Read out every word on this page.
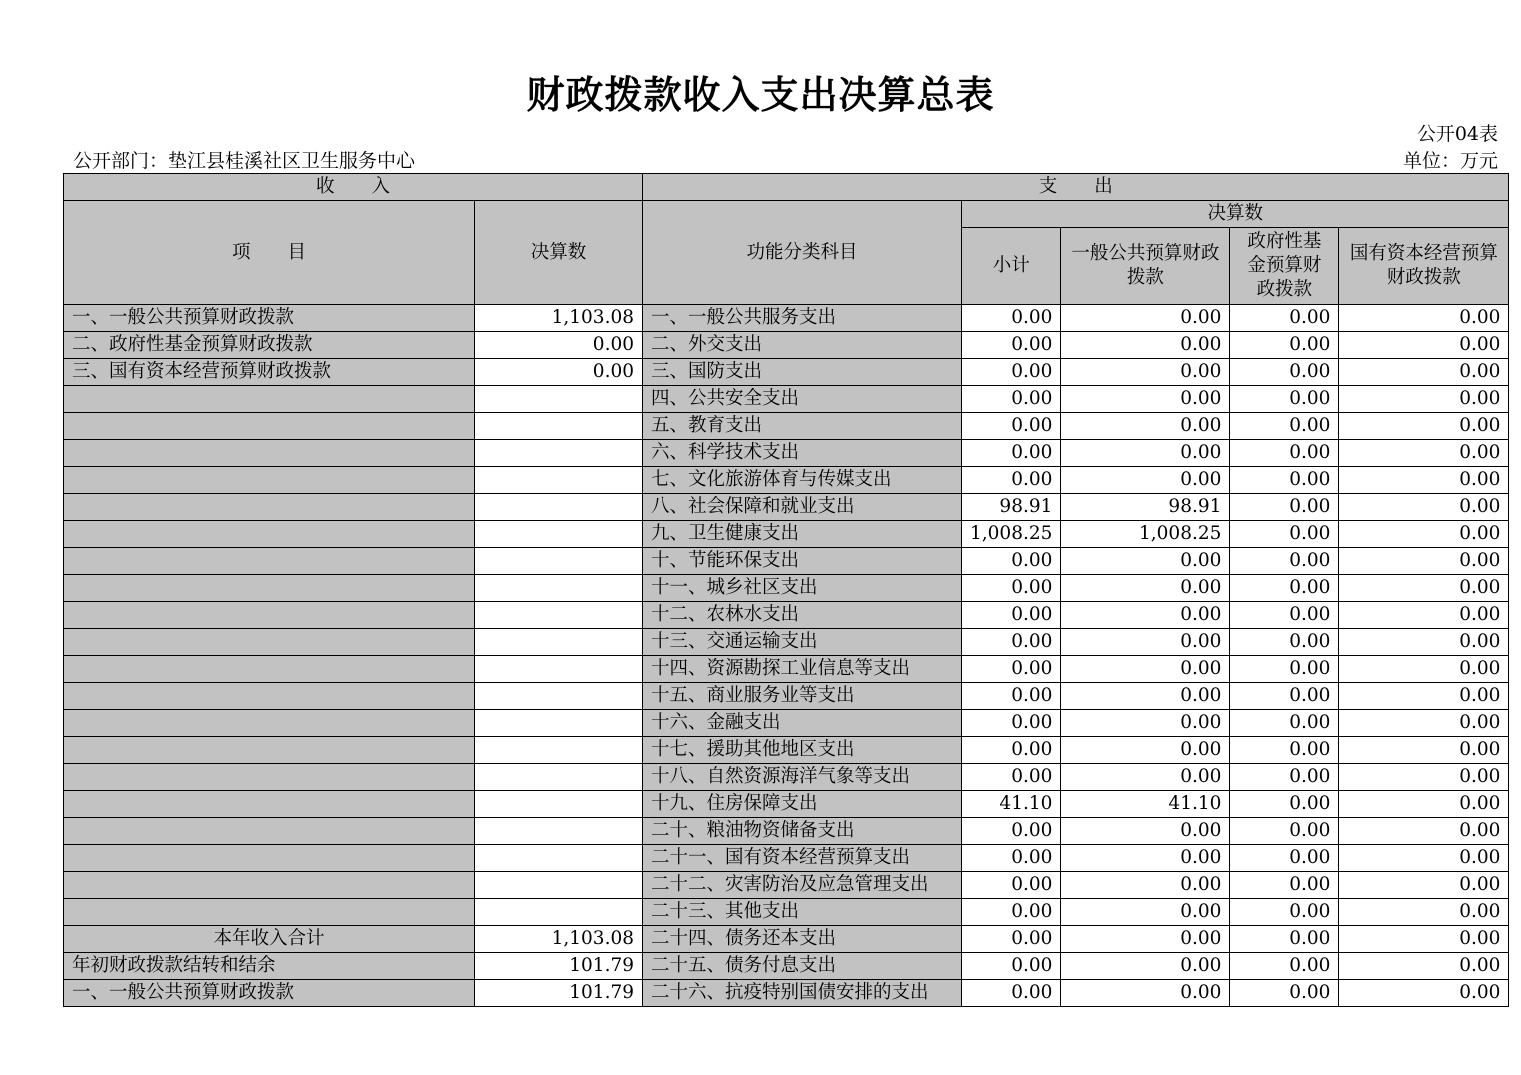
财政拨款收入支出决算总表
公开04表
公开部门：垫江县桂溪社区卫生服务中心	单位：万元
收　　入		支　　出				
项　　目	决算数	功能分类科目	决算数			
			小计	一般公共预算财政拨款	政府性基金预算财政拨款	国有资本经营预算财政拨款

一、一般公共预算财政拨款	1,103.08	一、一般公共服务支出	0.00	0.00	0.00	0.00
二、政府性基金预算财政拨款	0.00	二、外交支出	0.00	0.00	0.00	0.00
三、国有资本经营预算财政拨款	0.00	三、国防支出	0.00	0.00	0.00	0.00
		四、公共安全支出	0.00	0.00	0.00	0.00
		五、教育支出	0.00	0.00	0.00	0.00
		六、科学技术支出	0.00	0.00	0.00	0.00
		七、文化旅游体育与传媒支出	0.00	0.00	0.00	0.00
		八、社会保障和就业支出	98.91	98.91	0.00	0.00
		九、卫生健康支出	1,008.25	1,008.25	0.00	0.00
		十、节能环保支出	0.00	0.00	0.00	0.00
		十一、城乡社区支出	0.00	0.00	0.00	0.00
		十二、农林水支出	0.00	0.00	0.00	0.00
		十三、交通运输支出	0.00	0.00	0.00	0.00
		十四、资源勘探工业信息等支出	0.00	0.00	0.00	0.00
		十五、商业服务业等支出	0.00	0.00	0.00	0.00
		十六、金融支出	0.00	0.00	0.00	0.00
		十七、援助其他地区支出	0.00	0.00	0.00	0.00
		十八、自然资源海洋气象等支出	0.00	0.00	0.00	0.00
		十九、住房保障支出	41.10	41.10	0.00	0.00
		二十、粮油物资储备支出	0.00	0.00	0.00	0.00
		二十一、国有资本经营预算支出	0.00	0.00	0.00	0.00
		二十二、灾害防治及应急管理支出	0.00	0.00	0.00	0.00
		二十三、其他支出	0.00	0.00	0.00	0.00
本年收入合计	1,103.08	二十四、债务还本支出	0.00	0.00	0.00	0.00
年初财政拨款结转和结余	101.79	二十五、债务付息支出	0.00	0.00	0.00	0.00
一、一般公共预算财政拨款	101.79	二十六、抗疫特别国债安排的支出	0.00	0.00	0.00	0.00
